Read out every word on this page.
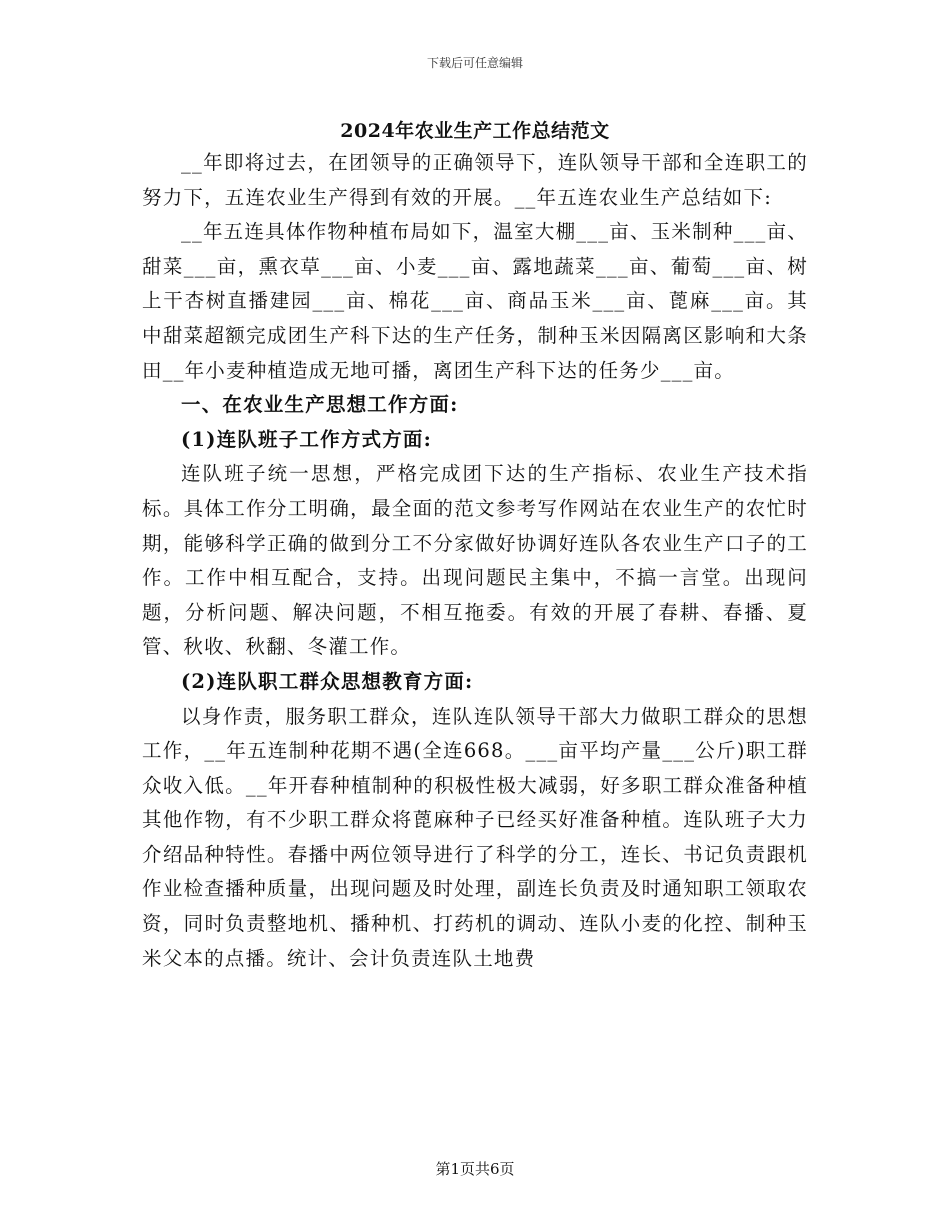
下载后可任意编辑
2024年农业生产工作总结范文

__年即将过去，在团领导的正确领导下，连队领导干部和全连职工的努力下，五连农业生产得到有效的开展。__年五连农业生产总结如下:

__年五连具体作物种植布局如下，温室大棚___亩、玉米制种___亩、甜菜___亩，熏衣草___亩、小麦___亩、露地蔬菜___亩、葡萄___亩、树上干杏树直播建园___亩、棉花___亩、商品玉米___亩、蓖麻___亩。其中甜菜超额完成团生产科下达的生产任务，制种玉米因隔离区影响和大条田__年小麦种植造成无地可播，离团生产科下达的任务少___亩。

一、在农业生产思想工作方面:

(1)连队班子工作方式方面:

连队班子统一思想，严格完成团下达的生产指标、农业生产技术指标。具体工作分工明确，最全面的范文参考写作网站在农业生产的农忙时期，能够科学正确的做到分工不分家做好协调好连队各农业生产口子的工作。工作中相互配合，支持。出现问题民主集中，不搞一言堂。出现问题，分析问题、解决问题，不相互拖委。有效的开展了春耕、春播、夏管、秋收、秋翻、冬灌工作。

(2)连队职工群众思想教育方面:

以身作责，服务职工群众，连队连队领导干部大力做职工群众的思想工作，__年五连制种花期不遇(全连668。___亩平均产量___公斤)职工群众收入低。__年开春种植制种的积极性极大减弱，好多职工群众准备种植其他作物，有不少职工群众将蓖麻种子已经买好准备种植。连队班子大力介绍品种特性。春播中两位领导进行了科学的分工，连长、书记负责跟机作业检查播种质量，出现问题及时处理，副连长负责及时通知职工领取农资，同时负责整地机、播种机、打药机的调动、连队小麦的化控、制种玉米父本的点播。统计、会计负责连队土地费

第1页共6页
